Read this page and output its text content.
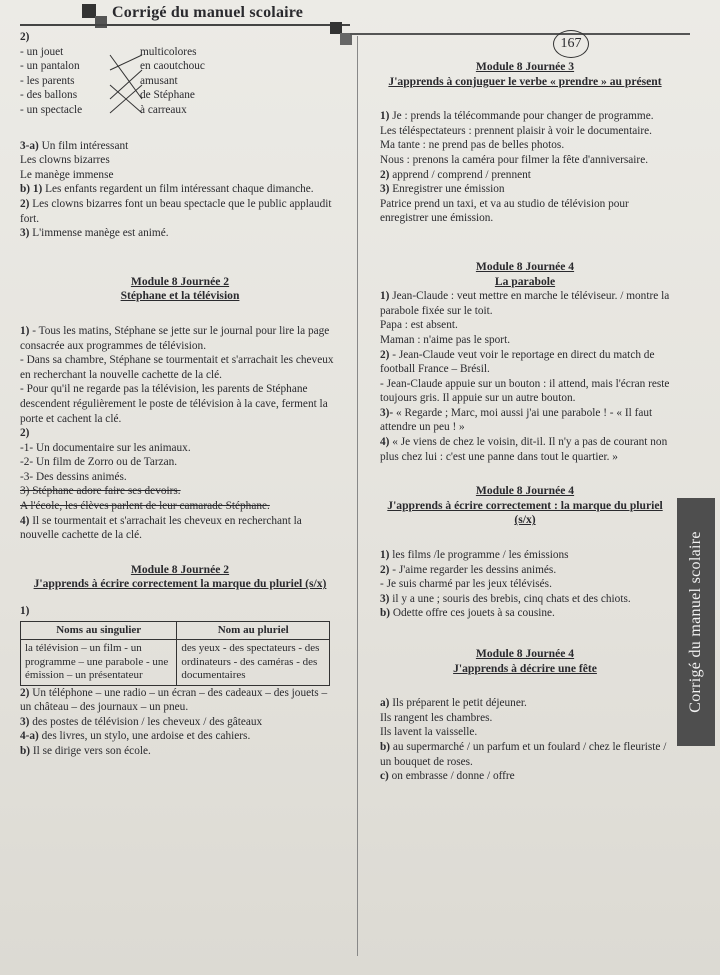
Corrigé du manuel scolaire
167

2)

- un jouet

- un pantalon

- les parents

- des ballons

- un spectacle

multicolores

en caoutchouc

amusant

de Stéphane

à carreaux

3-a) Un film intéressant

Les clowns bizarres

Le manège immense

b) 1) Les enfants regardent un film intéressant chaque dimanche.

2) Les clowns bizarres font un beau spectacle que le public applaudit fort.

3) L'immense manège est animé.

Module 8 Journée 2
Stéphane et la télévision

1) - Tous les matins, Stéphane se jette sur le journal pour lire la page consacrée aux programmes de télévision.

- Dans sa chambre, Stéphane se tourmentait et s'arrachait les cheveux en recherchant la nouvelle cachette de la clé.

- Pour qu'il ne regarde pas la télévision, les parents de Stéphane descendent régulièrement le poste de télévision à la cave, ferment la porte et cachent la clé.

2)

-1- Un documentaire sur les animaux.

-2- Un film de Zorro ou de Tarzan.

-3- Des dessins animés.

3) Stéphane adore faire ses devoirs.

A l'école, les élèves parlent de leur camarade Stéphane.

4) Il se tourmentait et s'arrachait les cheveux en recherchant la nouvelle cachette de la clé.

Module 8 Journée 2
J'apprends à écrire correctement la marque du pluriel (s/x)

1)

Noms au singulier	Nom au pluriel
la télévision – un film - un programme – une parabole - une émission – un présentateur	des yeux - des spectateurs - des ordinateurs - des caméras - des documentaires

2) Un téléphone – une radio – un écran – des cadeaux – des jouets – un château – des journaux – un pneu.

3) des postes de télévision / les cheveux / des gâteaux

4-a) des livres, un stylo, une ardoise et des cahiers.

b) Il se dirige vers son école.

Module 8 Journée 3
J'apprends à conjuguer le verbe « prendre » au présent

1) Je : prends la télécommande pour changer de programme.

Les téléspectateurs : prennent plaisir à voir le documentaire.

Ma tante : ne prend pas de belles photos.

Nous : prenons la caméra pour filmer la fête d'anniversaire.

2) apprend / comprend / prennent

3) Enregistrer une émission

Patrice prend un taxi, et va au studio de télévision pour enregistrer une émission.

Module 8 Journée 4
La parabole

1) Jean-Claude : veut mettre en marche le téléviseur. / montre la parabole fixée sur le toit.

Papa : est absent.

Maman : n'aime pas le sport.

2) - Jean-Claude veut voir le reportage en direct du match de football France – Brésil.

- Jean-Claude appuie sur un bouton : il attend, mais l'écran reste toujours gris. Il appuie sur un autre bouton.

3)- « Regarde ; Marc, moi aussi j'ai une parabole ! - « Il faut attendre un peu ! »

4) « Je viens de chez le voisin, dit-il. Il n'y a pas de courant non plus chez lui : c'est une panne dans tout le quartier. »

Module 8 Journée 4
J'apprends à écrire correctement : la marque du pluriel (s/x)

1) les films /le programme / les émissions

2) - J'aime regarder les dessins animés.

- Je suis charmé par les jeux télévisés.

3) il y a une ; souris des brebis, cinq chats et des chiots.

b) Odette offre ces jouets à sa cousine.

Module 8 Journée 4
J'apprends à décrire une fête

a) Ils préparent le petit déjeuner.

Ils rangent les chambres.

Ils lavent la vaisselle.

b) au supermarché / un parfum et un foulard / chez le fleuriste / un bouquet de roses.

c) on embrasse / donne / offre

Corrigé du manuel scolaire
